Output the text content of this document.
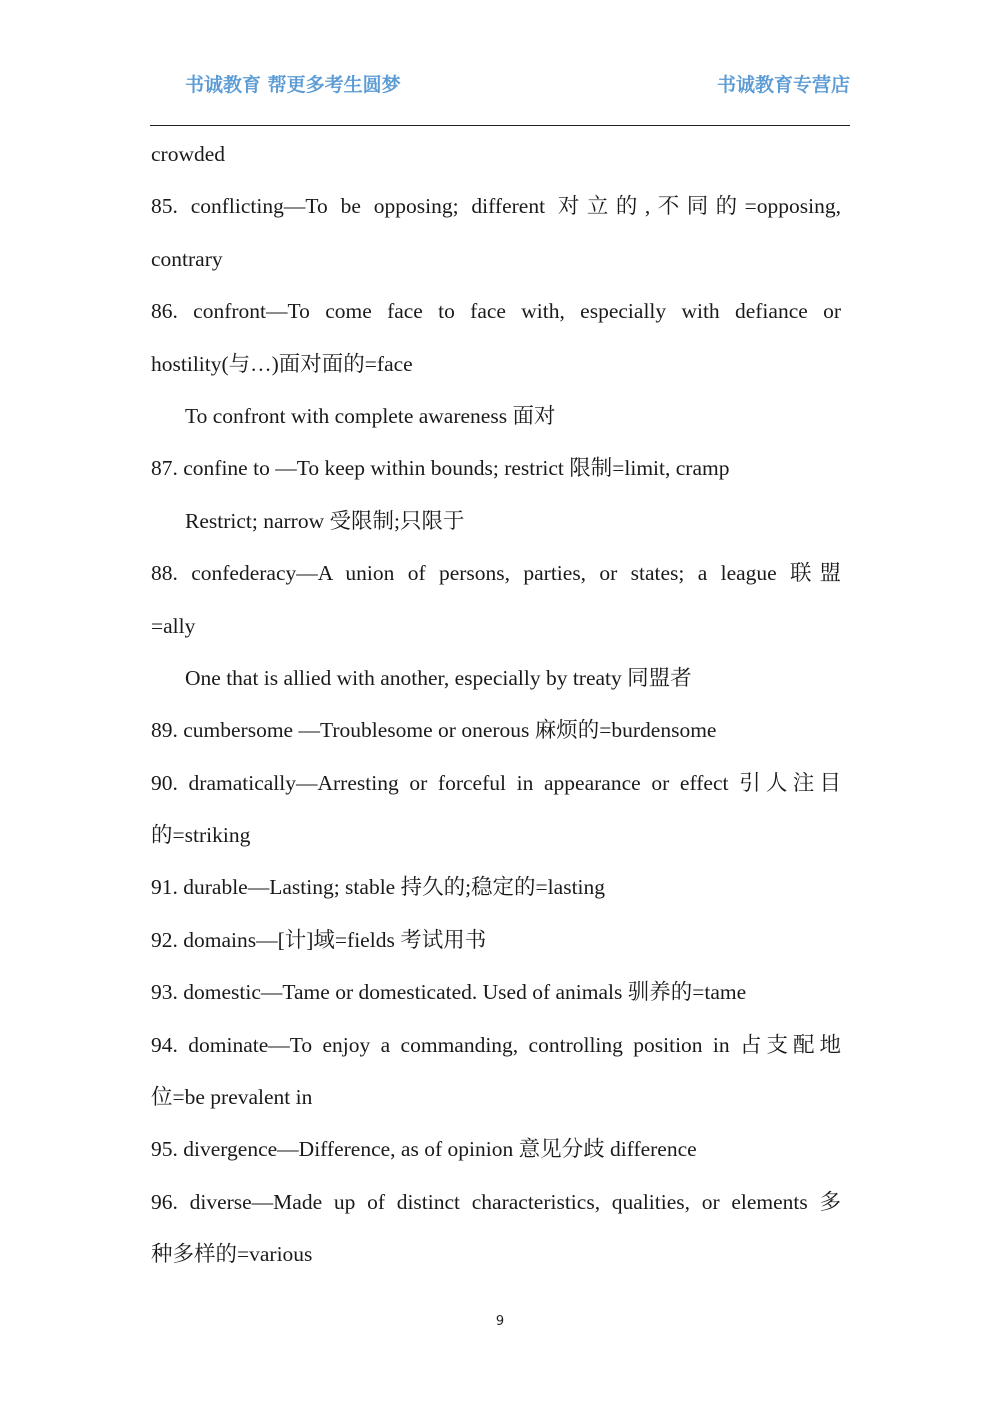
书诚教育 帮更多考生圆梦	书诚教育专营店
crowded
85. conflicting—To be opposing; different 对立的,不同的=opposing,
contrary
86. confront—To come face to face with, especially with defiance or
hostility(与…)面对面的=face
To confront with complete awareness 面对
87. confine to —To keep within bounds; restrict 限制=limit, cramp
Restrict; narrow 受限制;只限于
88. confederacy—A union of persons, parties, or states; a league 联盟
=ally
One that is allied with another, especially by treaty 同盟者
89. cumbersome —Troublesome or onerous 麻烦的=burdensome
90. dramatically—Arresting or forceful in appearance or effect 引人注目
的=striking
91. durable—Lasting; stable 持久的;稳定的=lasting
92. domains—[计]域=fields 考试用书
93. domestic—Tame or domesticated. Used of animals 驯养的=tame
94. dominate—To enjoy a commanding, controlling position in 占支配地
位=be prevalent in
95. divergence—Difference, as of opinion 意见分歧 difference
96. diverse—Made up of distinct characteristics, qualities, or elements 多
种多样的=various
9
